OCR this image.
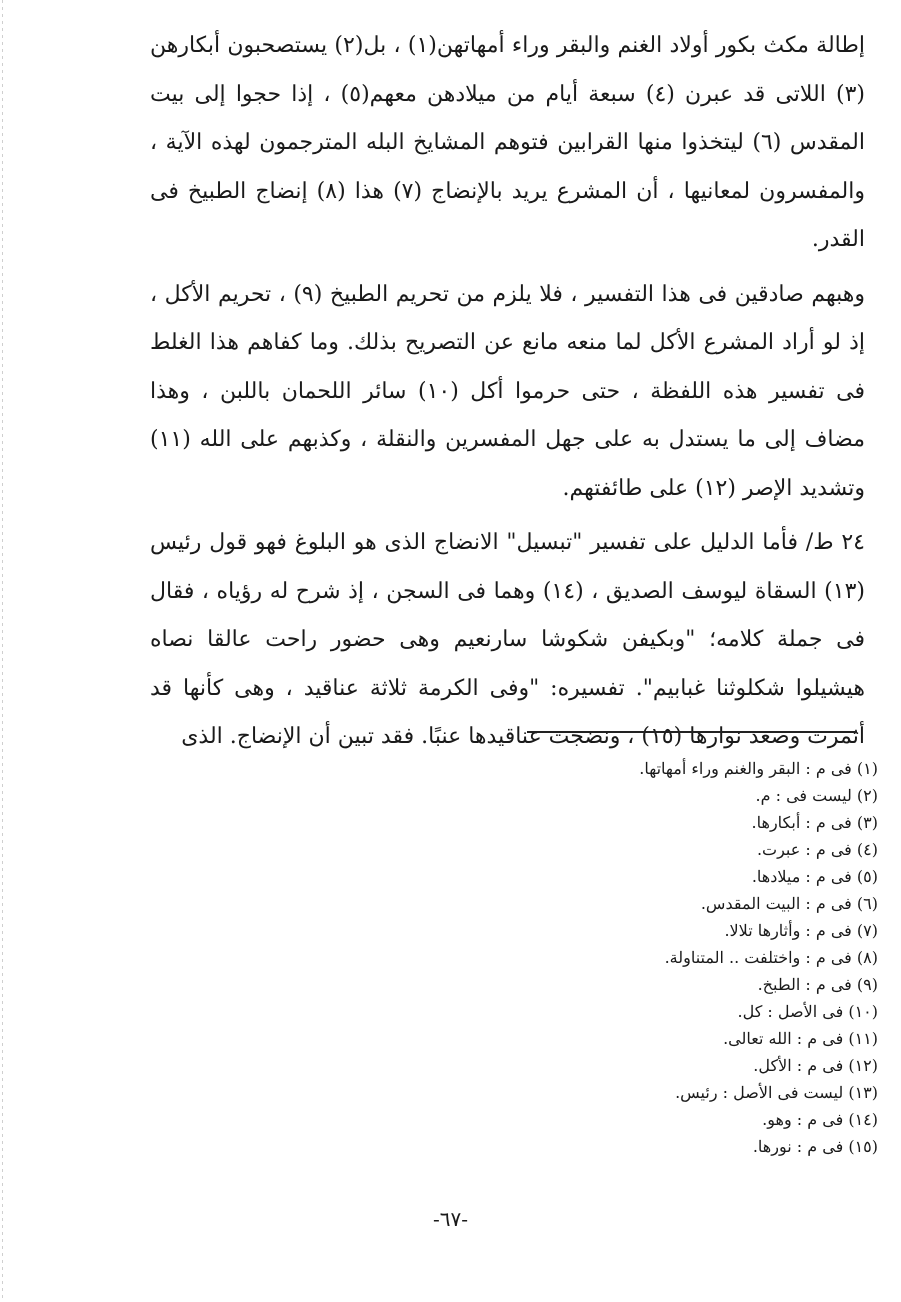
إطالة مكث بكور أولاد الغنم والبقر وراء أمهاتهن(١) ، بل(٢) يستصحبون أبكارهن (٣) اللاتى قد عبرن (٤) سبعة أيام من ميلادهن معهم(٥) ، إذا حجوا إلى بيت المقدس (٦) ليتخذوا منها القرابين فتوهم المشايخ البله المترجمون لهذه الآية ، والمفسرون لمعانيها ، أن المشرع يريد بالإنضاج (٧) هذا (٨) إنضاج الطبيخ فى القدر.

وهبهم صادقين فى هذا التفسير ، فلا يلزم من تحريم الطبيخ (٩) ، تحريم الأكل ، إذ لو أراد المشرع الأكل لما منعه مانع عن التصريح بذلك. وما كفاهم هذا الغلط فى تفسير هذه اللفظة ، حتى حرموا أكل (١٠) سائر اللحمان باللبن ، وهذا مضاف إلى ما يستدل به على جهل المفسرين والنقلة ، وكذبهم على الله (١١) وتشديد الإصر (١٢) على طائفتهم.

٢٤ ط/ فأما الدليل على تفسير "تبسيل" الانضاج الذى هو البلوغ فهو قول رئيس (١٣) السقاة ليوسف الصديق ، (١٤) وهما فى السجن ، إذ شرح له رؤياه ، فقال فى جملة كلامه؛ "وبكيفن شكوشا سارنعيم وهى حضور راحت عالقا نصاه هيشيلوا شكلوثنا غبابيم". تفسيره: "وفى الكرمة ثلاثة عناقيد ، وهى كأنها قد أثمرت وصعد نوارها (١٥) ، ونضجت عناقيدها عنبًا. فقد تبين أن الإنضاج. الذى

(١) فى م : البقر والغنم وراء أمهاتها.
(٢) ليست فى : م.
(٣) فى م : أبكارها.
(٤) فى م : عبرت.
(٥) فى م : ميلادها.
(٦) فى م : البيت المقدس.
(٧) فى م : وأثارها تلالا.
(٨) فى م : واختلفت .. المتناولة.
(٩) فى م : الطبخ.
(١٠) فى الأصل : كل.
(١١) فى م : الله تعالى.
(١٢) فى م : الأكل.
(١٣) ليست فى الأصل : رئيس.
(١٤) فى م : وهو.
(١٥) فى م : نورها.
-٦٧-
